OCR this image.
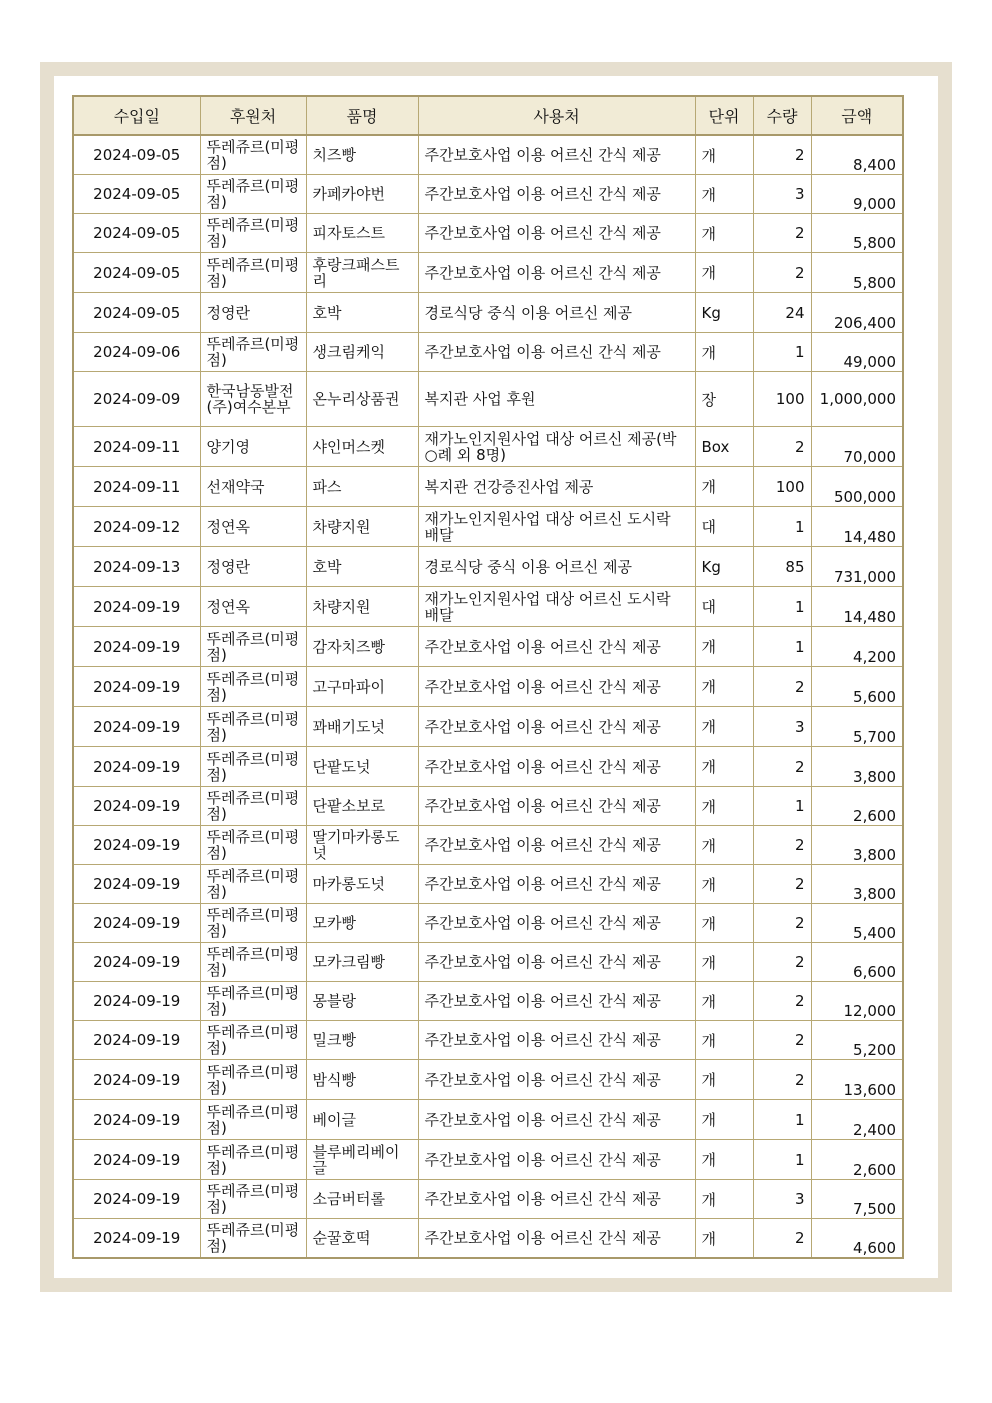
수입일	후원처	품명	사용처	단위	수량	금액
2024-09-05	뚜레쥬르(미평점)	치즈빵	주간보호사업 이용 어르신 간식 제공	개	2	8,400
2024-09-05	뚜레쥬르(미평점)	카페카야번	주간보호사업 이용 어르신 간식 제공	개	3	9,000
2024-09-05	뚜레쥬르(미평점)	피자토스트	주간보호사업 이용 어르신 간식 제공	개	2	5,800
2024-09-05	뚜레쥬르(미평점)	후랑크패스트리	주간보호사업 이용 어르신 간식 제공	개	2	5,800
2024-09-05	정영란	호박	경로식당 중식 이용 어르신 제공	Kg	24	206,400
2024-09-06	뚜레쥬르(미평점)	생크림케익	주간보호사업 이용 어르신 간식 제공	개	1	49,000
2024-09-09	한국남동발전(주)여수본부	온누리상품권	복지관 사업 후원	장	100	1,000,000
2024-09-11	양기영	샤인머스켓	재가노인지원사업 대상 어르신 제공(박○례 외 8명)	Box	2	70,000
2024-09-11	선재약국	파스	복지관 건강증진사업 제공	개	100	500,000
2024-09-12	정연옥	차량지원	재가노인지원사업 대상 어르신 도시락 배달	대	1	14,480
2024-09-13	정영란	호박	경로식당 중식 이용 어르신 제공	Kg	85	731,000
2024-09-19	정연옥	차량지원	재가노인지원사업 대상 어르신 도시락 배달	대	1	14,480
2024-09-19	뚜레쥬르(미평점)	감자치즈빵	주간보호사업 이용 어르신 간식 제공	개	1	4,200
2024-09-19	뚜레쥬르(미평점)	고구마파이	주간보호사업 이용 어르신 간식 제공	개	2	5,600
2024-09-19	뚜레쥬르(미평점)	꽈배기도넛	주간보호사업 이용 어르신 간식 제공	개	3	5,700
2024-09-19	뚜레쥬르(미평점)	단팥도넛	주간보호사업 이용 어르신 간식 제공	개	2	3,800
2024-09-19	뚜레쥬르(미평점)	단팥소보로	주간보호사업 이용 어르신 간식 제공	개	1	2,600
2024-09-19	뚜레쥬르(미평점)	딸기마카롱도넛	주간보호사업 이용 어르신 간식 제공	개	2	3,800
2024-09-19	뚜레쥬르(미평점)	마카롱도넛	주간보호사업 이용 어르신 간식 제공	개	2	3,800
2024-09-19	뚜레쥬르(미평점)	모카빵	주간보호사업 이용 어르신 간식 제공	개	2	5,400
2024-09-19	뚜레쥬르(미평점)	모카크림빵	주간보호사업 이용 어르신 간식 제공	개	2	6,600
2024-09-19	뚜레쥬르(미평점)	몽블랑	주간보호사업 이용 어르신 간식 제공	개	2	12,000
2024-09-19	뚜레쥬르(미평점)	밀크빵	주간보호사업 이용 어르신 간식 제공	개	2	5,200
2024-09-19	뚜레쥬르(미평점)	밤식빵	주간보호사업 이용 어르신 간식 제공	개	2	13,600
2024-09-19	뚜레쥬르(미평점)	베이글	주간보호사업 이용 어르신 간식 제공	개	1	2,400
2024-09-19	뚜레쥬르(미평점)	블루베리베이글	주간보호사업 이용 어르신 간식 제공	개	1	2,600
2024-09-19	뚜레쥬르(미평점)	소금버터롤	주간보호사업 이용 어르신 간식 제공	개	3	7,500
2024-09-19	뚜레쥬르(미평점)	순꿀호떡	주간보호사업 이용 어르신 간식 제공	개	2	4,600
